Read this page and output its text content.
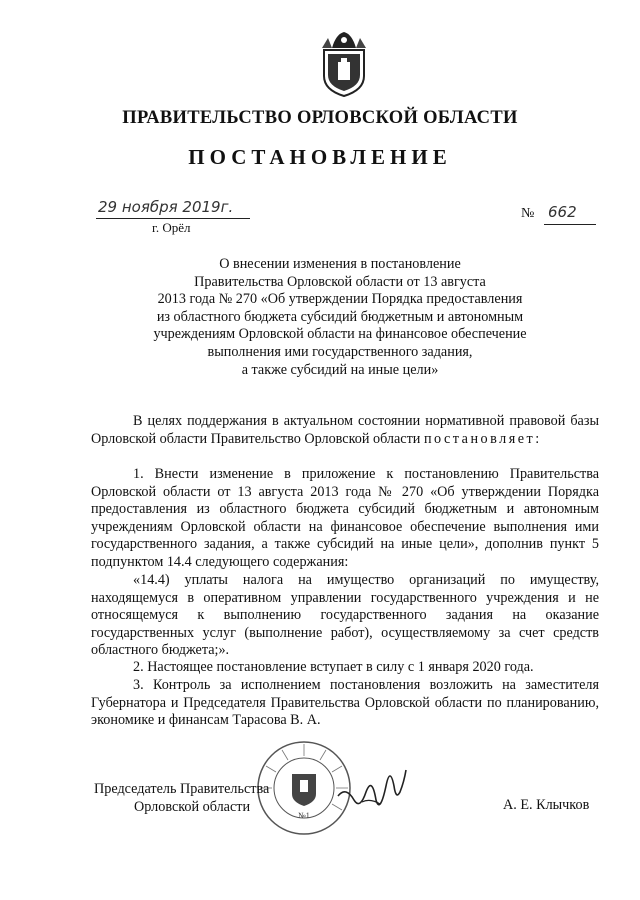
ПРАВИТЕЛЬСТВО ОРЛОВСКОЙ ОБЛАСТИ
ПОСТАНОВЛЕНИЕ
29 ноября 2019г.
г. Орёл
№ 662
О внесении изменения в постановление
Правительства Орловской области от 13 августа
2013 года № 270 «Об утверждении Порядка предоставления
из областного бюджета субсидий бюджетным и автономным
учреждениям Орловской области на финансовое обеспечение
выполнения ими государственного задания,
а также субсидий на иные цели»

В целях поддержания в актуальном состоянии нормативной правовой базы Орловской области Правительство Орловской области постановляет:

1. Внести изменение в приложение к постановлению Правительства Орловской области от 13 августа 2013 года № 270 «Об утверждении Порядка предоставления из областного бюджета субсидий бюджетным и автономным учреждениям Орловской области на финансовое обеспечение выполнения ими государственного задания, а также субсидий на иные цели», дополнив пункт 5 подпунктом 14.4 следующего содержания:

«14.4) уплаты налога на имущество организаций по имуществу, находящемуся в оперативном управлении государственного учреждения и не относящемуся к выполнению государственного задания на оказание государственных услуг (выполнение работ), осуществляемому за счет средств областного бюджета;».

2. Настоящее постановление вступает в силу с 1 января 2020 года.

3. Контроль за исполнением постановления возложить на заместителя Губернатора и Председателя Правительства Орловской области по планированию, экономике и финансам Тарасова В. А.

№1
Председатель Правительства
Орловской области	А. Е. Клычков
